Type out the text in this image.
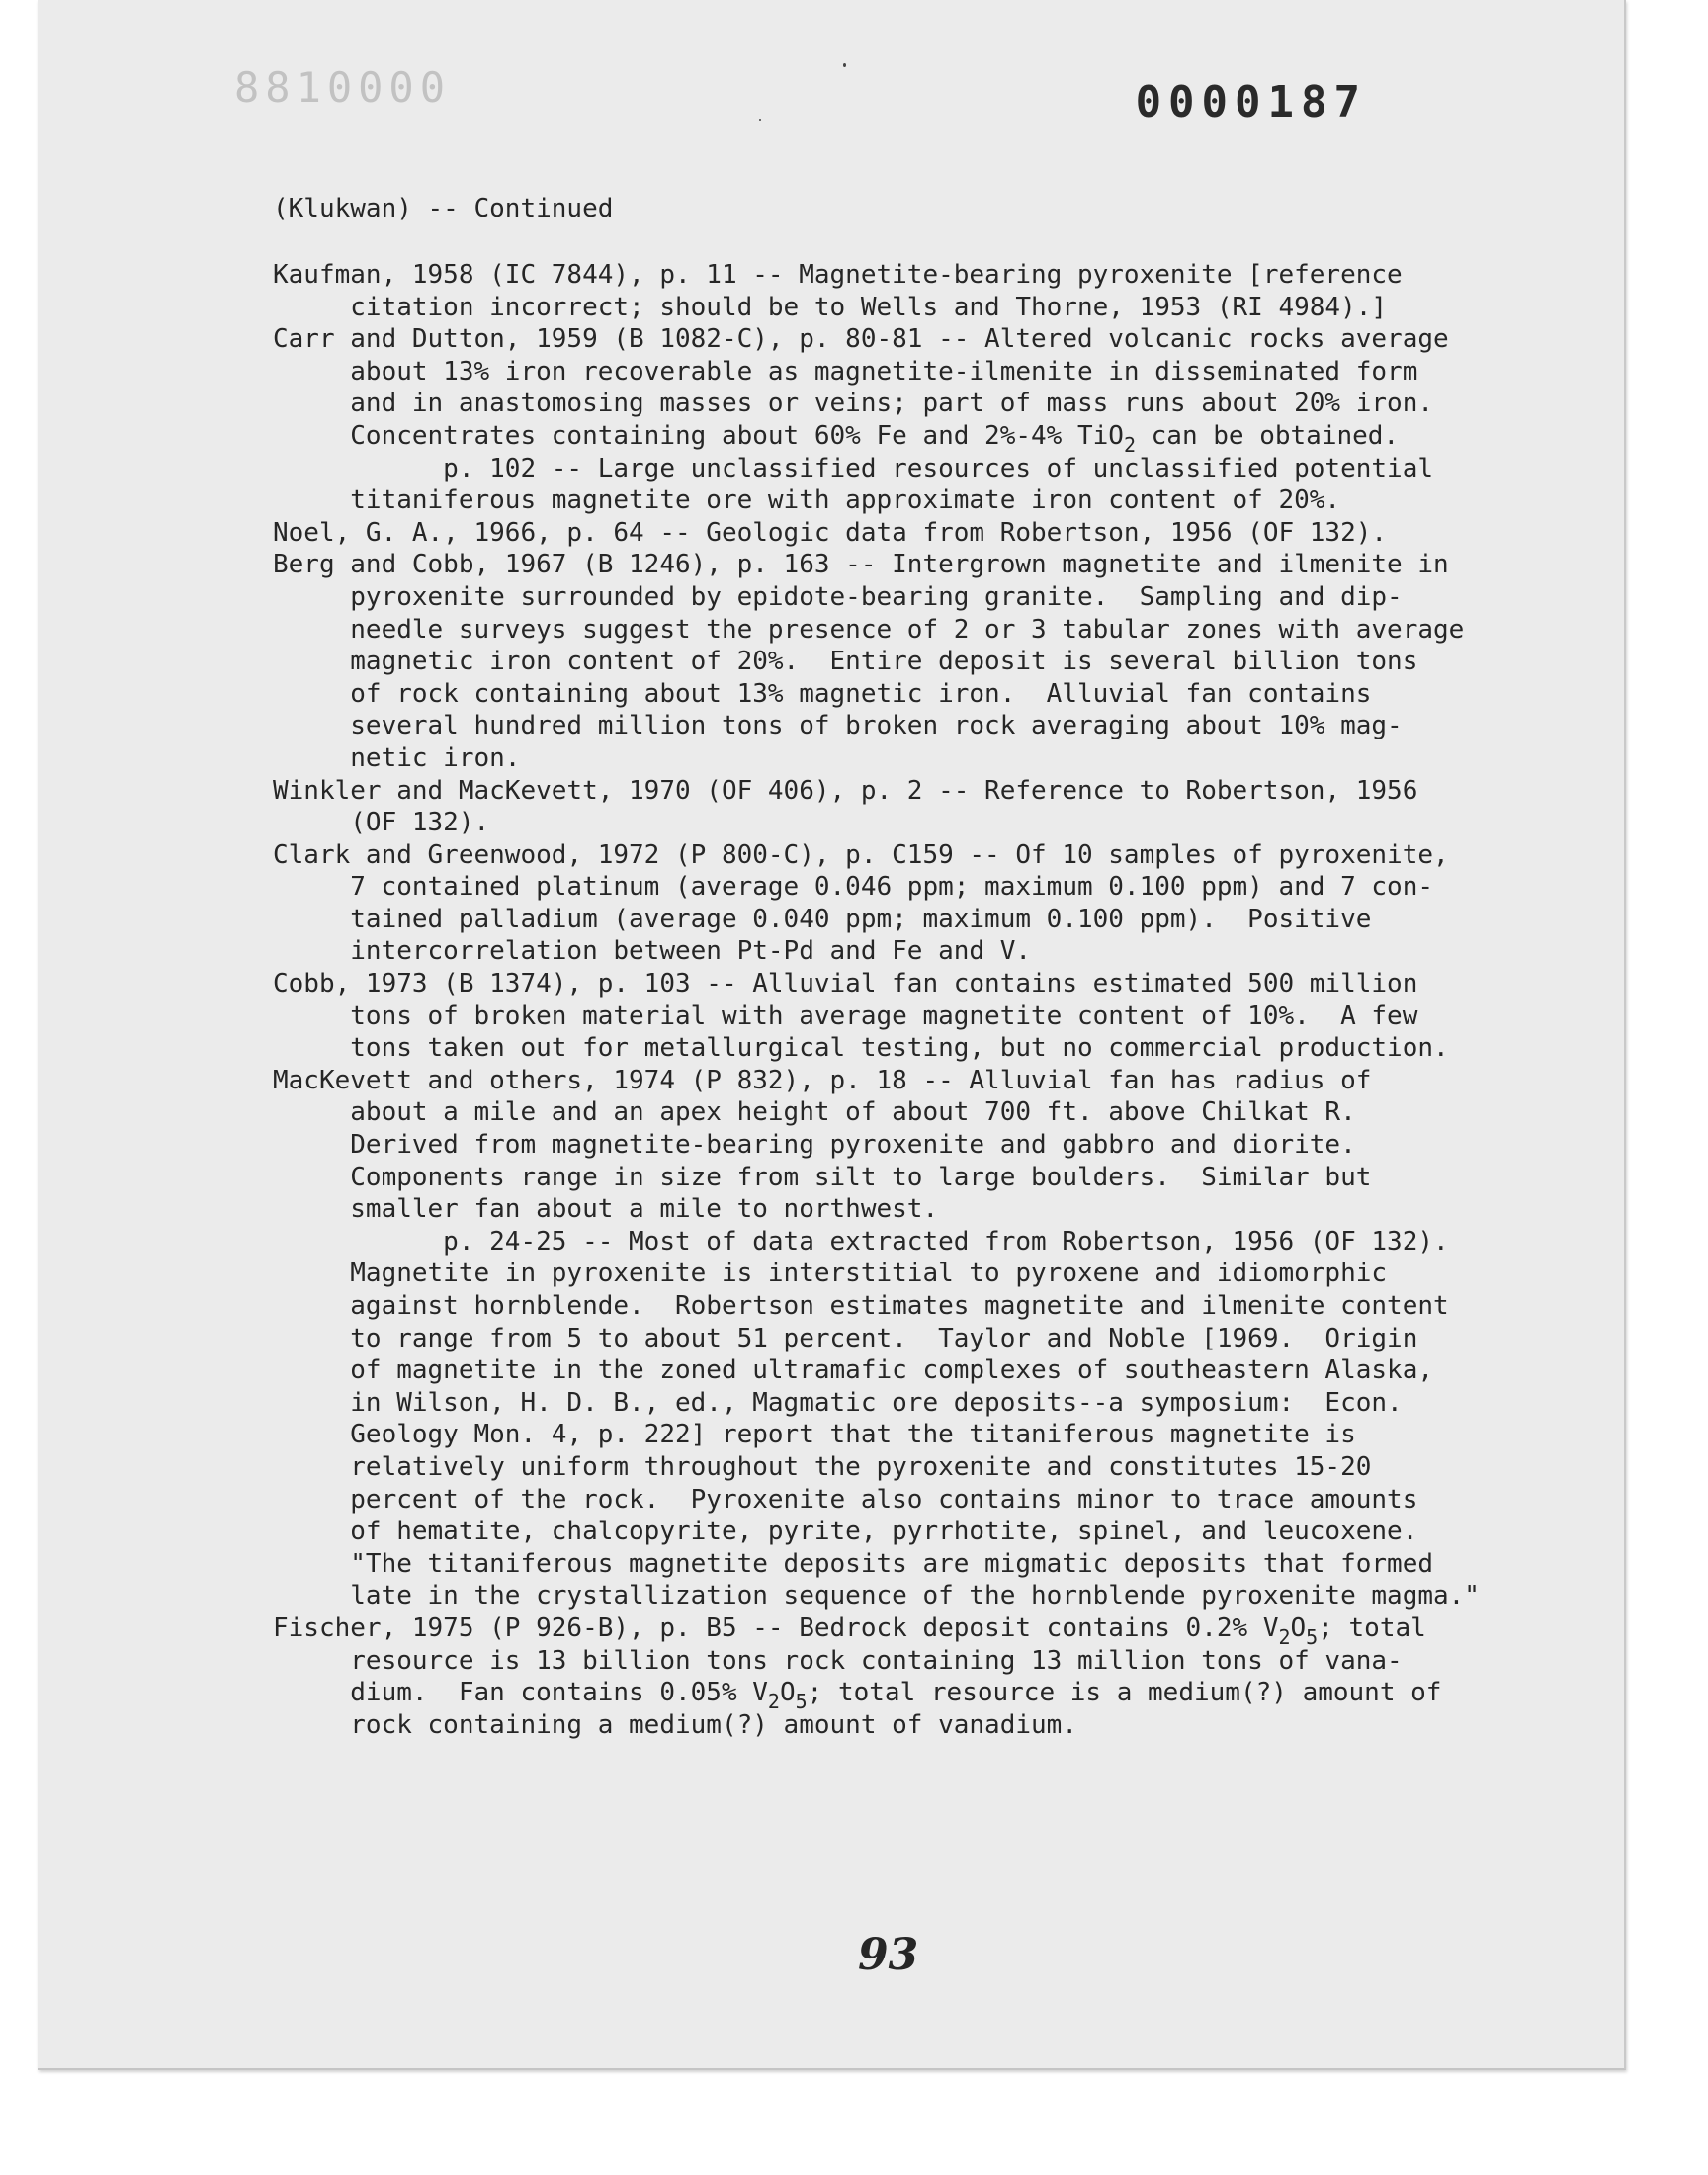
8810000	0000187
(Klukwan) -- Continued

Kaufman, 1958 (IC 7844), p. 11 -- Magnetite-bearing pyroxenite [reference

citation incorrect; should be to Wells and Thorne, 1953 (RI 4984).]

Carr and Dutton, 1959 (B 1082-C), p. 80-81 -- Altered volcanic rocks average

about 13% iron recoverable as magnetite-ilmenite in disseminated form

and in anastomosing masses or veins; part of mass runs about 20% iron.

Concentrates containing about 60% Fe and 2%-4% TiO$_2$ can be obtained.

p. 102 -- Large unclassified resources of unclassified potential

titaniferous magnetite ore with approximate iron content of 20%.

Noel, G. A., 1966, p. 64 -- Geologic data from Robertson, 1956 (OF 132).

Berg and Cobb, 1967 (B 1246), p. 163 -- Intergrown magnetite and ilmenite in

pyroxenite surrounded by epidote-bearing granite.  Sampling and dip-

needle surveys suggest the presence of 2 or 3 tabular zones with average

magnetic iron content of 20%.  Entire deposit is several billion tons

of rock containing about 13% magnetic iron.  Alluvial fan contains

several hundred million tons of broken rock averaging about 10% mag-

netic iron.

Winkler and MacKevett, 1970 (OF 406), p. 2 -- Reference to Robertson, 1956

(OF 132).

Clark and Greenwood, 1972 (P 800-C), p. C159 -- Of 10 samples of pyroxenite,

7 contained platinum (average 0.046 ppm; maximum 0.100 ppm) and 7 con-

tained palladium (average 0.040 ppm; maximum 0.100 ppm).  Positive

intercorrelation between Pt-Pd and Fe and V.

Cobb, 1973 (B 1374), p. 103 -- Alluvial fan contains estimated 500 million

tons of broken material with average magnetite content of 10%.  A few

tons taken out for metallurgical testing, but no commercial production.

MacKevett and others, 1974 (P 832), p. 18 -- Alluvial fan has radius of

about a mile and an apex height of about 700 ft. above Chilkat R.

Derived from magnetite-bearing pyroxenite and gabbro and diorite.

Components range in size from silt to large boulders.  Similar but

smaller fan about a mile to northwest.

p. 24-25 -- Most of data extracted from Robertson, 1956 (OF 132).

Magnetite in pyroxenite is interstitial to pyroxene and idiomorphic

against hornblende.  Robertson estimates magnetite and ilmenite content

to range from 5 to about 51 percent.  Taylor and Noble [1969.  Origin

of magnetite in the zoned ultramafic complexes of southeastern Alaska,

in Wilson, H. D. B., ed., Magmatic ore deposits--a symposium:  Econ.

Geology Mon. 4, p. 222] report that the titaniferous magnetite is

relatively uniform throughout the pyroxenite and constitutes 15-20

percent of the rock.  Pyroxenite also contains minor to trace amounts

of hematite, chalcopyrite, pyrite, pyrrhotite, spinel, and leucoxene.

"The titaniferous magnetite deposits are migmatic deposits that formed

late in the crystallization sequence of the hornblende pyroxenite magma."

Fischer, 1975 (P 926-B), p. B5 -- Bedrock deposit contains 0.2% $V_2O_5$; total

resource is 13 billion tons rock containing 13 million tons of vana-

dium.  Fan contains 0.05% $V_2O_5$; total resource is a medium(?) amount of

rock containing a medium(?) amount of vanadium.

93
